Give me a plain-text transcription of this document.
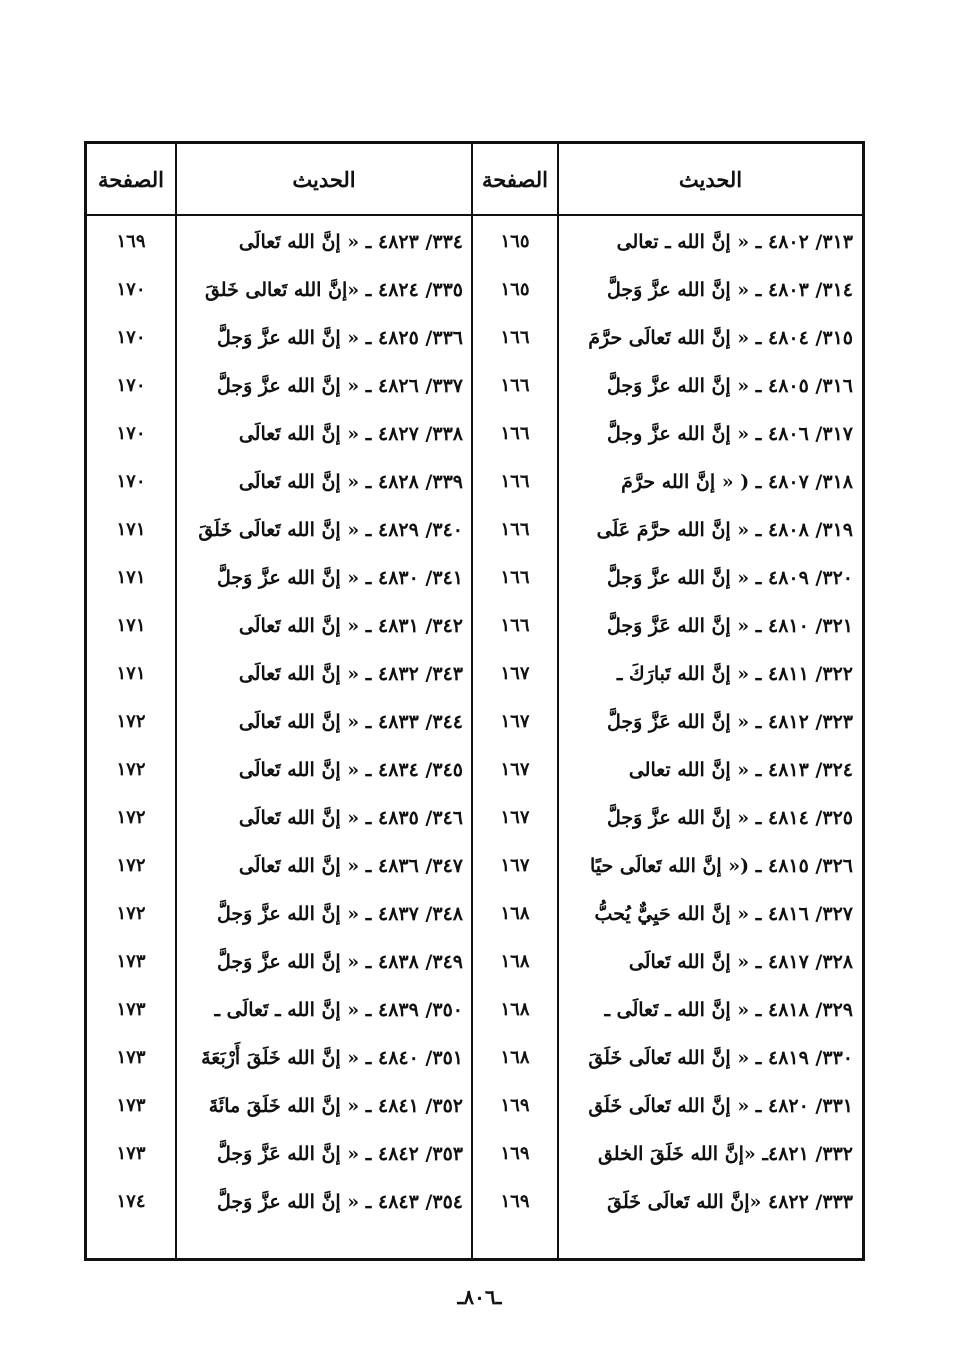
الحديث
الصفحة
الحديث
الصفحة
٣١٣/ ٤٨٠٢ ـ « إنَّ الله ـ تعالى
١٦٥
٣١٤/ ٤٨٠٣ ـ « إنَّ الله عزَّ وَجلَّ
١٦٥
٣١٥/ ٤٨٠٤ ـ « إنَّ الله تَعالَى حرَّمَ
١٦٦
٣١٦/ ٤٨٠٥ ـ « إنَّ الله عزَّ وَجلَّ
١٦٦
٣١٧/ ٤٨٠٦ ـ « إنَّ الله عزَّ وجلَّ
١٦٦
٣١٨/ ٤٨٠٧ ـ ( « إنَّ الله حرَّمَ
١٦٦
٣١٩/ ٤٨٠٨ ـ « إنَّ الله حرَّمَ عَلَى
١٦٦
٣٢٠/ ٤٨٠٩ ـ « إنَّ الله عزَّ وَجلَّ
١٦٦
٣٢١/ ٤٨١٠ ـ « إنَّ الله عَزَّ وَجلَّ
١٦٦
٣٢٢/ ٤٨١١ ـ « إنَّ الله تَبارَكَ ـ
١٦٧
٣٢٣/ ٤٨١٢ ـ « إنَّ الله عَزَّ وَجلَّ
١٦٧
٣٢٤/ ٤٨١٣ ـ « إنَّ الله تعالى
١٦٧
٣٢٥/ ٤٨١٤ ـ « إنَّ الله عزَّ وَجلَّ
١٦٧
٣٢٦/ ٤٨١٥ ـ (« إنَّ الله تَعالَى حيًا
١٦٧
٣٢٧/ ٤٨١٦ ـ « إنَّ الله حَيِيٌّ يُحبُّ
١٦٨
٣٢٨/ ٤٨١٧ ـ « إنَّ الله تَعالَى
١٦٨
٣٢٩/ ٤٨١٨ ـ « إنَّ الله ـ تَعالَى ـ
١٦٨
٣٣٠/ ٤٨١٩ ـ « إنَّ الله تَعالَى خَلَقَ
١٦٨
٣٣١/ ٤٨٢٠ ـ « إنَّ الله تَعالَى خَلَق
١٦٩
٣٣٢/ ٤٨٢١ـ «إنَّ الله خَلَقَ الخلق
١٦٩
٣٣٣/ ٤٨٢٢ «إنَّ الله تَعالَى خَلَقَ
١٦٩
٣٣٤/ ٤٨٢٣ ـ « إنَّ الله تَعالَى
١٦٩
٣٣٥/ ٤٨٢٤ ـ «إنَّ الله تَعالى خَلقَ
١٧٠
٣٣٦/ ٤٨٢٥ ـ « إنَّ الله عزَّ وَجلَّ
١٧٠
٣٣٧/ ٤٨٢٦ ـ « إنَّ الله عزَّ وَجلَّ
١٧٠
٣٣٨/ ٤٨٢٧ ـ « إنَّ الله تَعالَى
١٧٠
٣٣٩/ ٤٨٢٨ ـ « إنَّ الله تَعالَى
١٧٠
٣٤٠/ ٤٨٢٩ ـ « إنَّ الله تَعالَى خَلَقَ
١٧١
٣٤١/ ٤٨٣٠ ـ « إنَّ الله عزَّ وَجلَّ
١٧١
٣٤٢/ ٤٨٣١ ـ « إنَّ الله تَعالَى
١٧١
٣٤٣/ ٤٨٣٢ ـ « إنَّ الله تَعالَى
١٧١
٣٤٤/ ٤٨٣٣ ـ « إنَّ الله تَعالَى
١٧٢
٣٤٥/ ٤٨٣٤ ـ « إنَّ الله تَعالَى
١٧٢
٣٤٦/ ٤٨٣٥ ـ « إنَّ الله تَعالَى
١٧٢
٣٤٧/ ٤٨٣٦ ـ « إنَّ الله تَعالَى
١٧٢
٣٤٨/ ٤٨٣٧ ـ « إنَّ الله عزَّ وَجلَّ
١٧٢
٣٤٩/ ٤٨٣٨ ـ « إنَّ الله عزَّ وَجلَّ
١٧٣
٣٥٠/ ٤٨٣٩ ـ « إنَّ الله ـ تَعالَى ـ
١٧٣
٣٥١/ ٤٨٤٠ ـ « إنَّ الله خَلَقَ أَرْبَعَةَ
١٧٣
٣٥٢/ ٤٨٤١ ـ « إنَّ الله خَلَقَ مائَةَ
١٧٣
٣٥٣/ ٤٨٤٢ ـ « إنَّ الله عَزَّ وَجلَّ
١٧٣
٣٥٤/ ٤٨٤٣ ـ « إنَّ الله عزَّ وَجلَّ
١٧٤
ـ٨٠٦ـ
